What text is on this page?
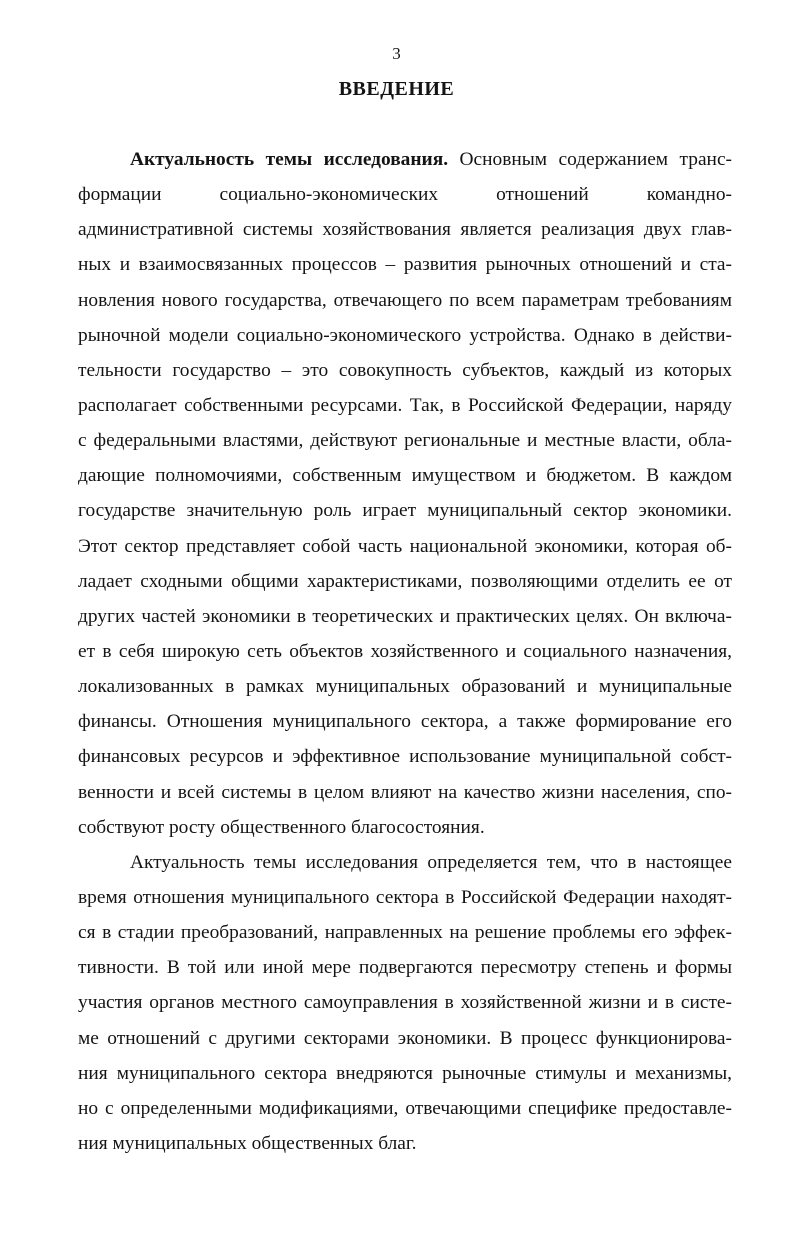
3
ВВЕДЕНИЕ
Актуальность темы исследования. Основным содержанием транс-
формации социально-экономических отношений командно-
административной системы хозяйствования является реализация двух глав-
ных и взаимосвязанных процессов – развития рыночных отношений и ста-
новления нового государства, отвечающего по всем параметрам требованиям
рыночной модели социально-экономического устройства. Однако в действи-
тельности государство – это совокупность субъектов, каждый из которых
располагает собственными ресурсами. Так, в Российской Федерации, наряду
с федеральными властями, действуют региональные и местные власти, обла-
дающие полномочиями, собственным имуществом и бюджетом. В каждом
государстве значительную роль играет муниципальный сектор экономики.
Этот сектор представляет собой часть национальной экономики, которая об-
ладает сходными общими характеристиками, позволяющими отделить ее от
других частей экономики в теоретических и практических целях. Он включа-
ет в себя широкую сеть объектов хозяйственного и социального назначения,
локализованных в рамках муниципальных образований и муниципальные
финансы. Отношения муниципального сектора, а также формирование его
финансовых ресурсов и эффективное использование муниципальной собст-
венности и всей системы в целом влияют на качество жизни населения, спо-
собствуют росту общественного благосостояния.
Актуальность темы исследования определяется тем, что в настоящее
время отношения муниципального сектора в Российской Федерации находят-
ся в стадии преобразований, направленных на решение проблемы его эффек-
тивности. В той или иной мере подвергаются пересмотру степень и формы
участия органов местного самоуправления в хозяйственной жизни и в систе-
ме отношений с другими секторами экономики. В процесс функционирова-
ния муниципального сектора внедряются рыночные стимулы и механизмы,
но с определенными модификациями, отвечающими специфике предоставле-
ния муниципальных общественных благ.
